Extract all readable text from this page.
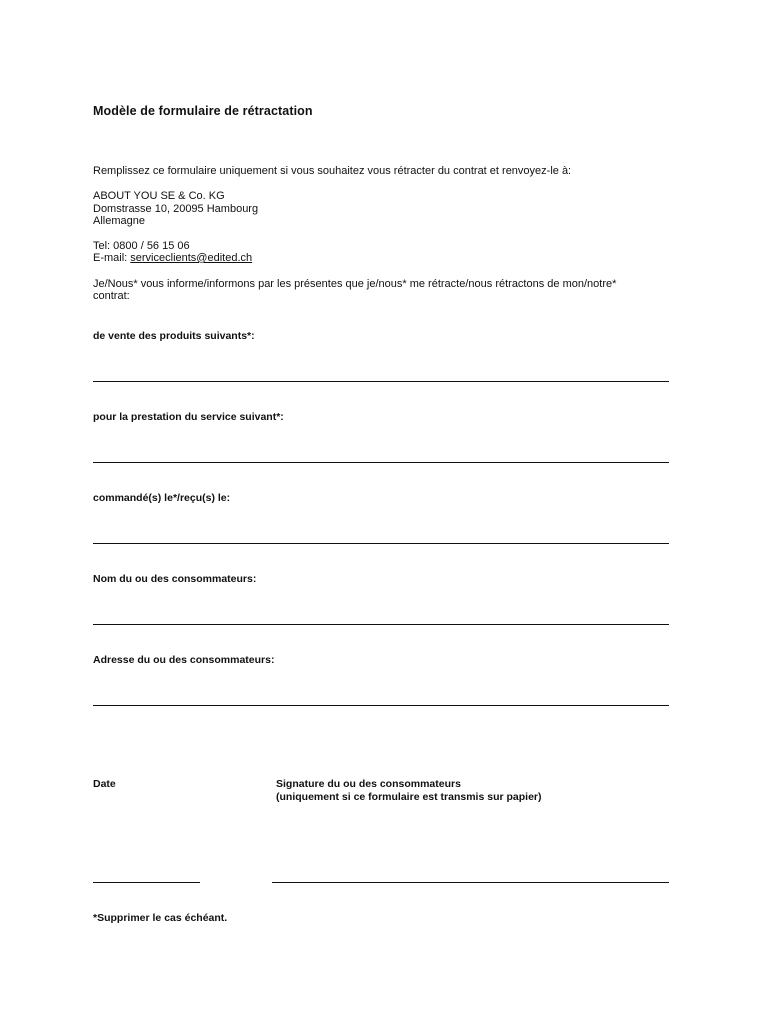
Modèle de formulaire de rétractation
Remplissez ce formulaire uniquement si vous souhaitez vous rétracter du contrat et renvoyez-le à:
ABOUT YOU SE & Co. KG
Domstrasse 10, 20095 Hambourg
Allemagne
Tel: 0800 / 56 15 06
E-mail: serviceclients@edited.ch
Je/Nous* vous informe/informons par les présentes que je/nous* me rétracte/nous rétractons de mon/notre*
contrat:
de vente des produits suivants*:
pour la prestation du service suivant*:
commandé(s) le*/reçu(s) le:
Nom du ou des consommateurs:
Adresse du ou des consommateurs:
Date	Signature du ou des consommateurs
(uniquement si ce formulaire est transmis sur papier)
*Supprimer le cas échéant.
